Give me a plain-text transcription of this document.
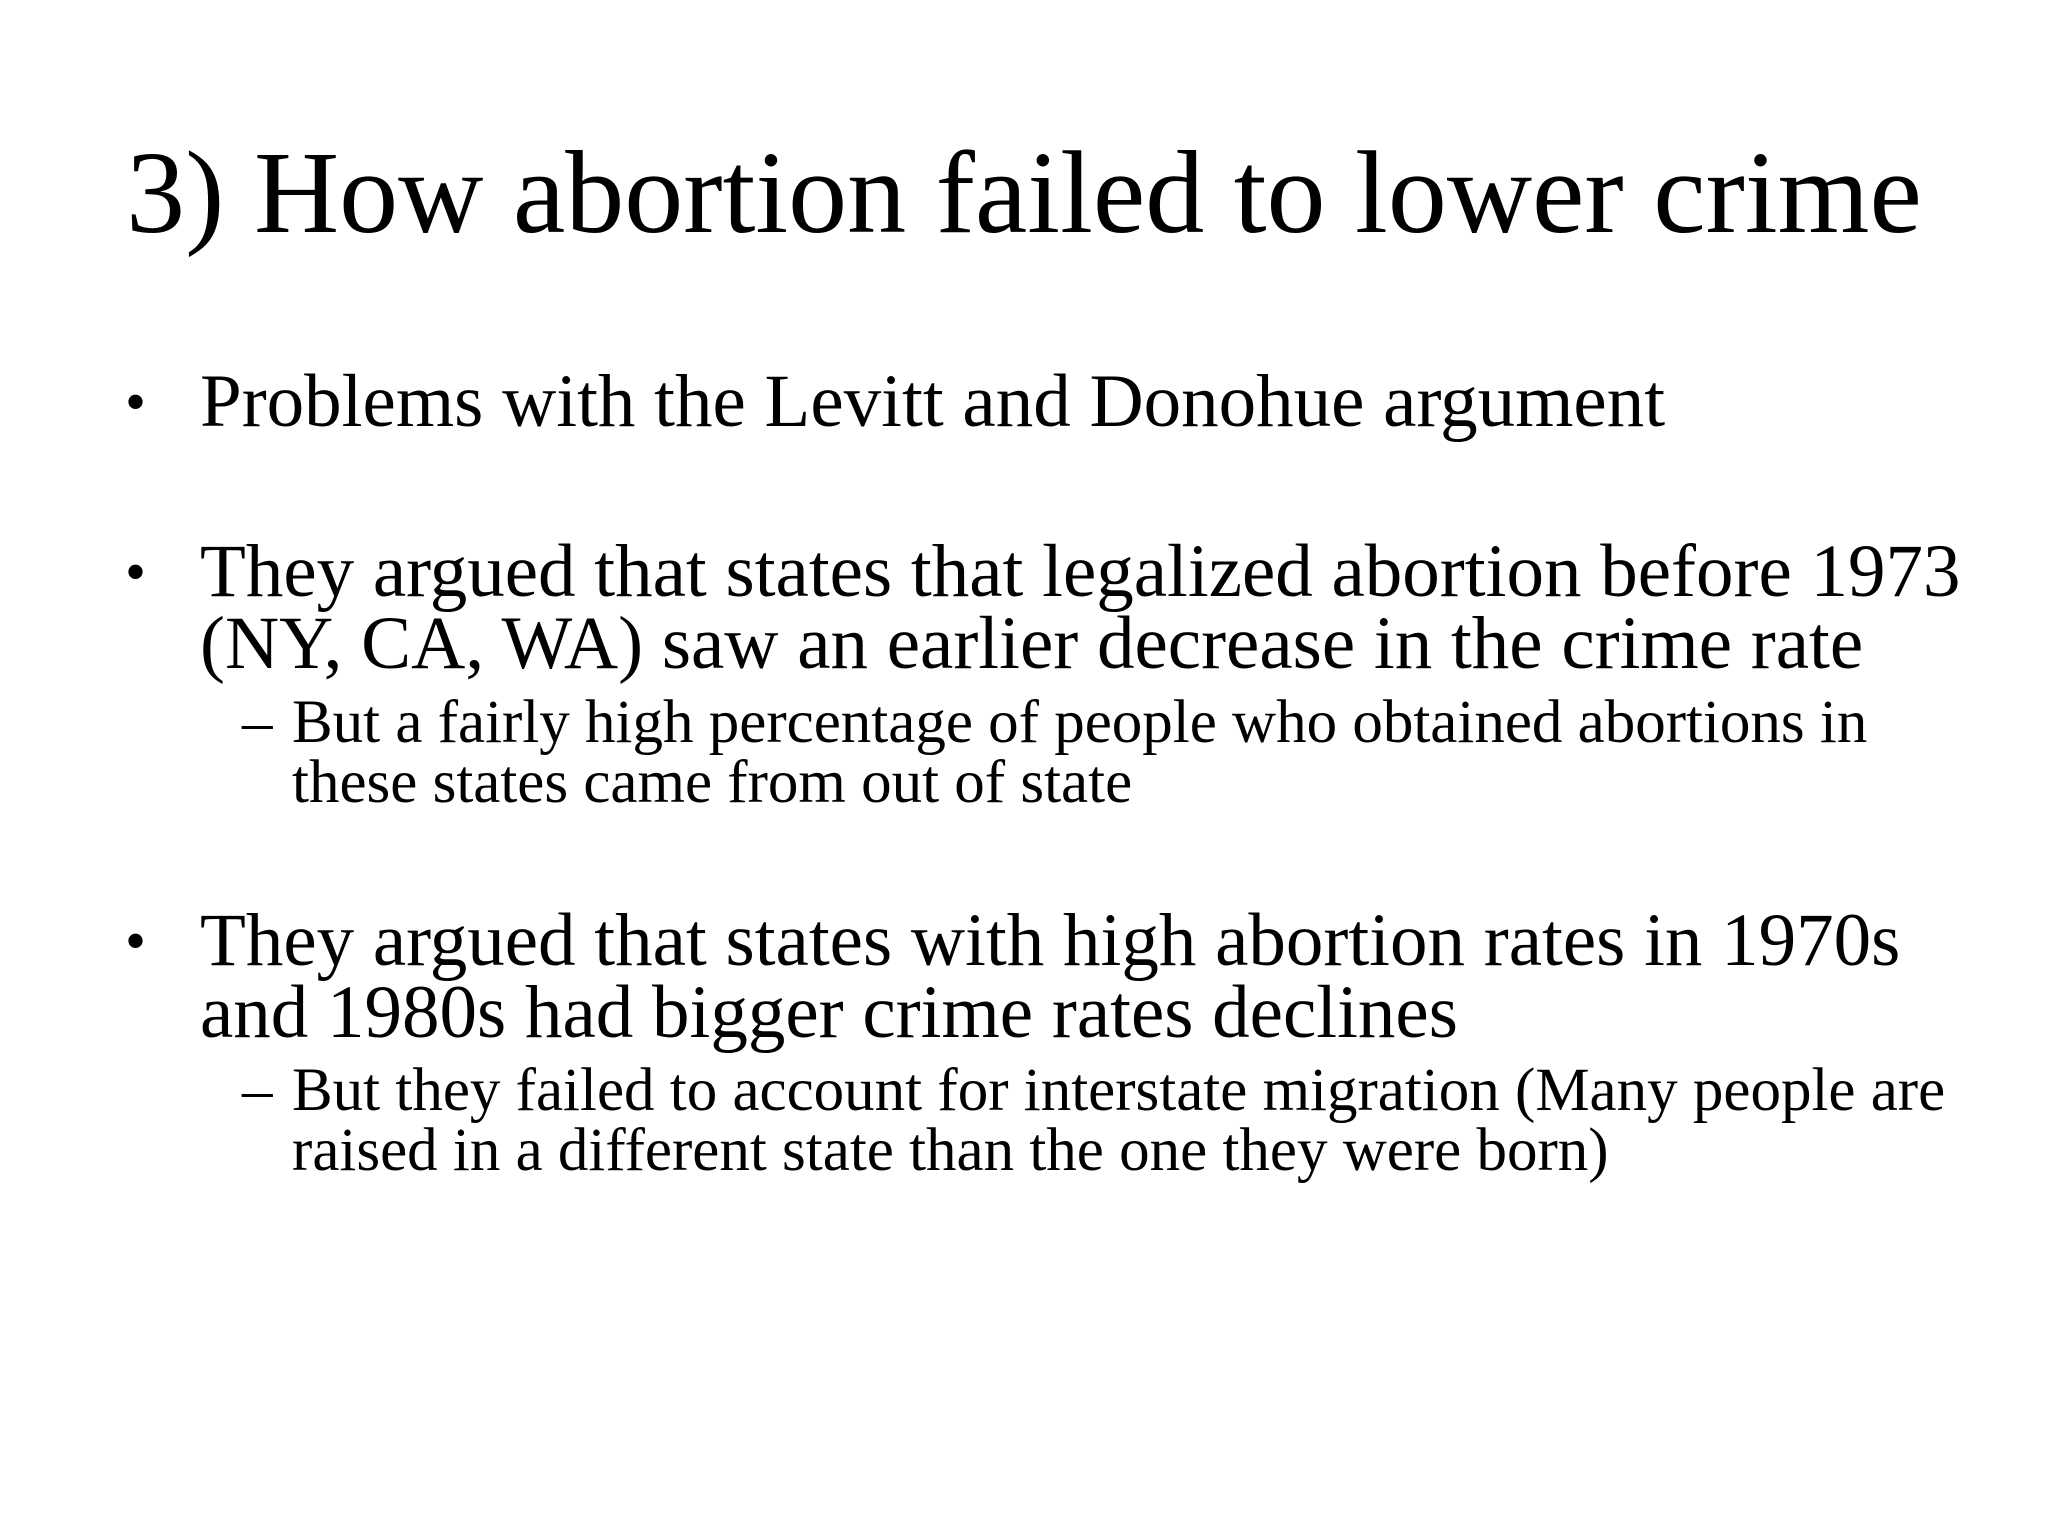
3) How abortion failed to lower crime
• Problems with the Levitt and Donohue argument
• They argued that states that legalized abortion before 1973 (NY, CA, WA) saw an earlier decrease in the crime rate
– But a fairly high percentage of people who obtained abortions in these states came from out of state
• They argued that states with high abortion rates in 1970s and 1980s had bigger crime rates declines
– But they failed to account for interstate migration (Many people are raised in a different state than the one they were born)
